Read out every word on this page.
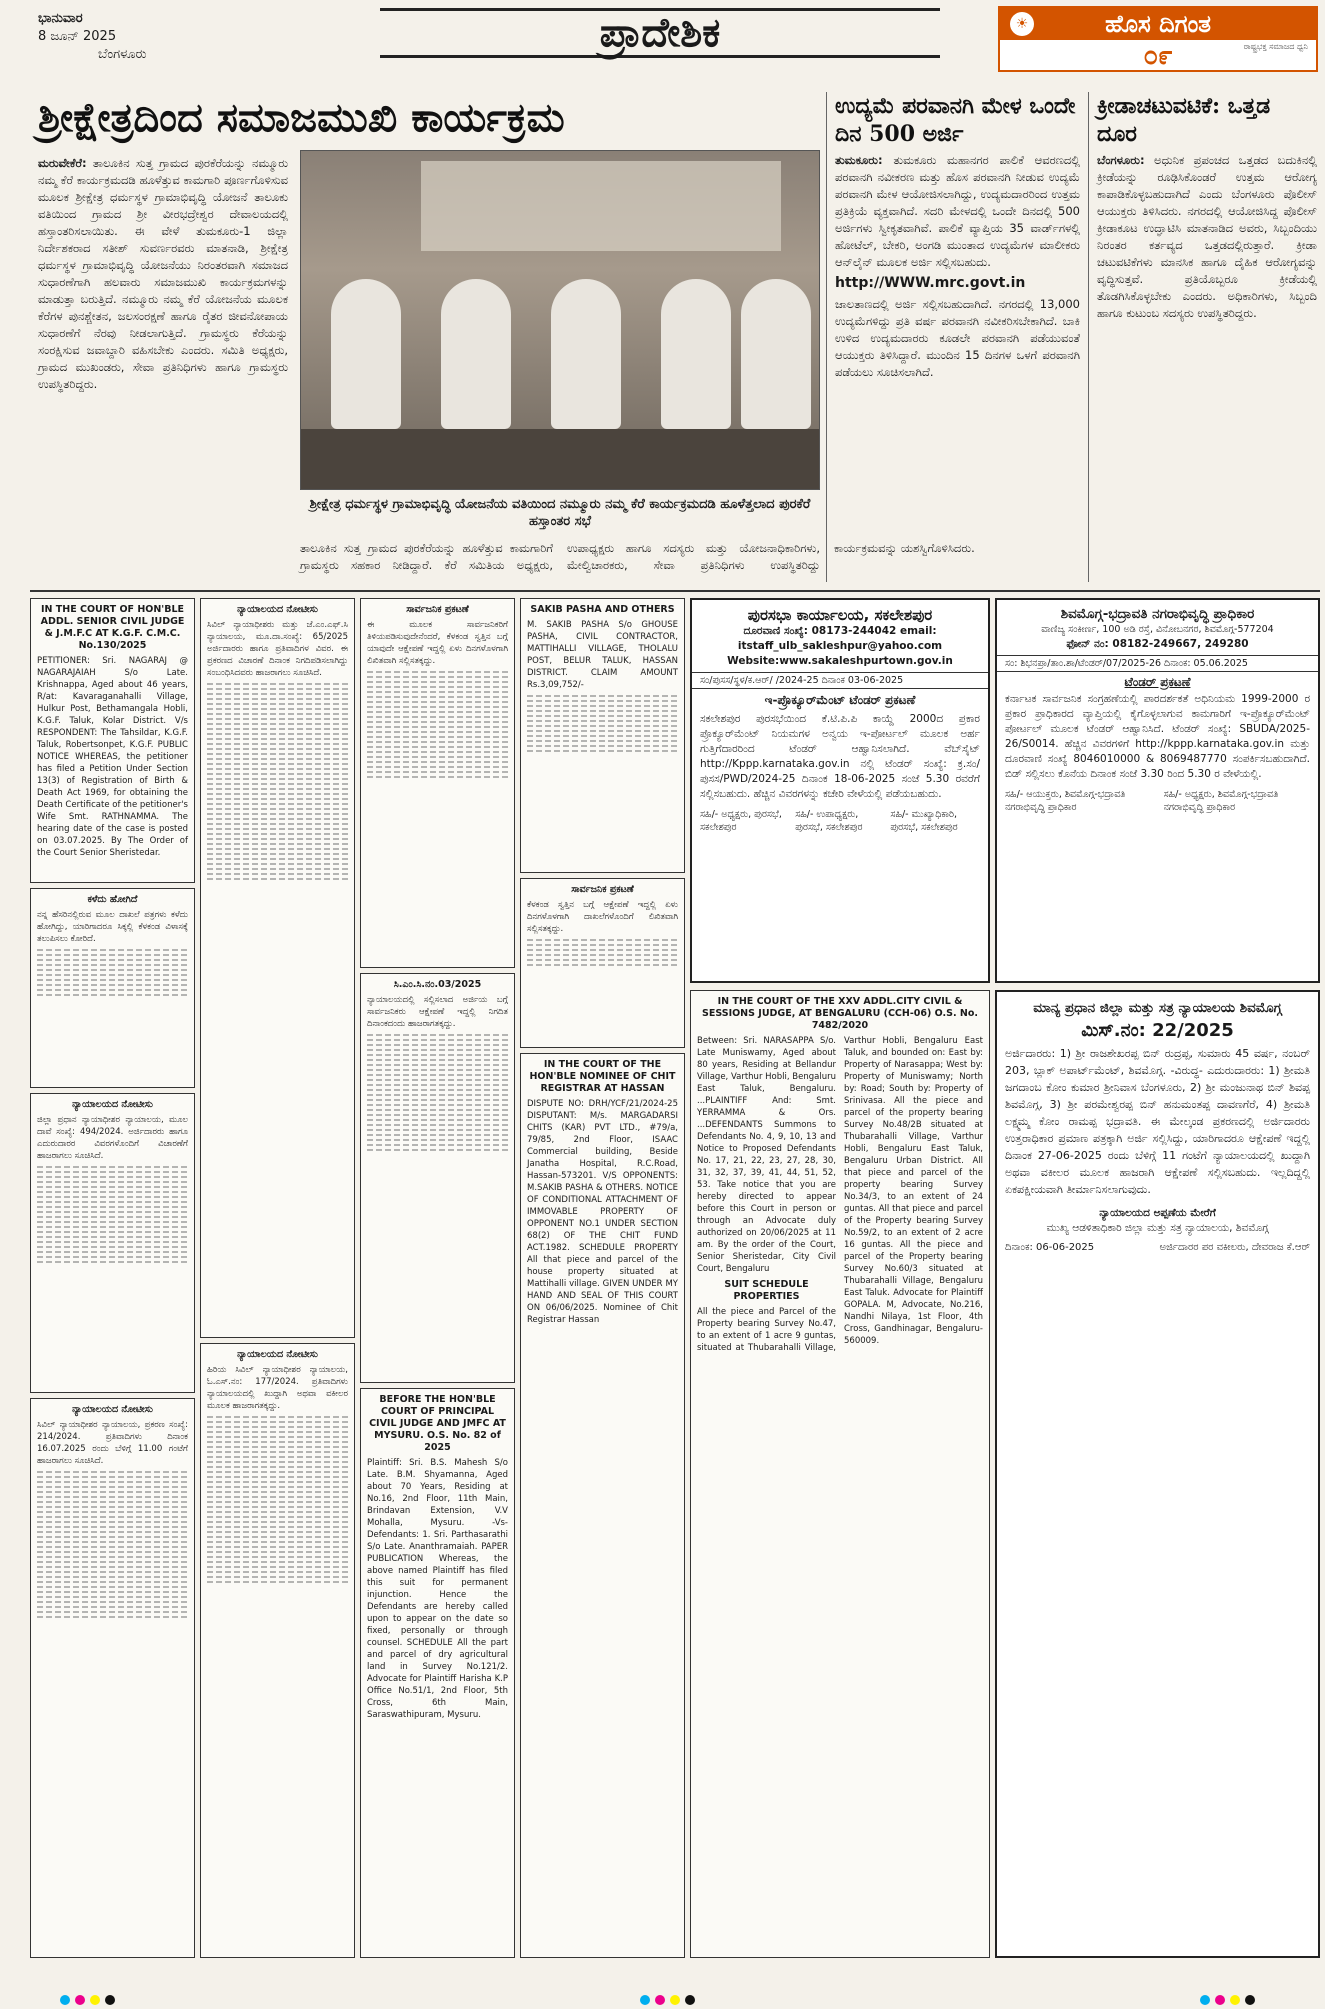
ಭಾನುವಾರ
8 ಜೂನ್ 2025
ಬೆಂಗಳೂರು	ಪ್ರಾದೇಶಿಕ	ಹೊಸ ದಿಗಂತ
☀
೦೯	ರಾಷ್ಟ್ರಭಕ್ತ ಸಮಾಜದ ಧ್ವನಿ
ಶ್ರೀಕ್ಷೇತ್ರದಿಂದ ಸಮಾಜಮುಖಿ ಕಾರ್ಯಕ್ರಮ
ಮರುವೇಕೆರೆ: ತಾಲೂಕಿನ ಸುತ್ತ ಗ್ರಾಮದ ಪುರಕೆರೆಯನ್ನು ನಮ್ಮೂರು ನಮ್ಮ ಕೆರೆ ಕಾರ್ಯಕ್ರಮದಡಿ ಹೂಳೆತ್ತುವ ಕಾಮಗಾರಿ ಪೂರ್ಣಗೊಳಿಸುವ ಮೂಲಕ ಶ್ರೀಕ್ಷೇತ್ರ ಧರ್ಮಸ್ಥಳ ಗ್ರಾಮಾಭಿವೃದ್ಧಿ ಯೋಜನೆ ತಾಲೂಕು ವತಿಯಿಂದ ಗ್ರಾಮದ ಶ್ರೀ ವೀರಭದ್ರೇಶ್ವರ ದೇವಾಲಯದಲ್ಲಿ ಹಸ್ತಾಂತರಿಸಲಾಯಿತು. ಈ ವೇಳೆ ತುಮಕೂರು-1 ಜಿಲ್ಲಾ ನಿರ್ದೇಶಕರಾದ ಸತೀಶ್ ಸುವರ್ಣರವರು ಮಾತನಾಡಿ, ಶ್ರೀಕ್ಷೇತ್ರ ಧರ್ಮಸ್ಥಳ ಗ್ರಾಮಾಭಿವೃದ್ಧಿ ಯೋಜನೆಯು ನಿರಂತರವಾಗಿ ಸಮಾಜದ ಸುಧಾರಣೆಗಾಗಿ ಹಲವಾರು ಸಮಾಜಮುಖಿ ಕಾರ್ಯಕ್ರಮಗಳನ್ನು ಮಾಡುತ್ತಾ ಬರುತ್ತಿದೆ. ನಮ್ಮೂರು ನಮ್ಮ ಕೆರೆ ಯೋಜನೆಯ ಮೂಲಕ ಕೆರೆಗಳ ಪುನಶ್ಚೇತನ, ಜಲಸಂರಕ್ಷಣೆ ಹಾಗೂ ರೈತರ ಜೀವನೋಪಾಯ ಸುಧಾರಣೆಗೆ ನೆರವು ನೀಡಲಾಗುತ್ತಿದೆ. ಗ್ರಾಮಸ್ಥರು ಕೆರೆಯನ್ನು ಸಂರಕ್ಷಿಸುವ ಜವಾಬ್ದಾರಿ ವಹಿಸಬೇಕು ಎಂದರು. ಸಮಿತಿ ಅಧ್ಯಕ್ಷರು, ಗ್ರಾಮದ ಮುಖಂಡರು, ಸೇವಾ ಪ್ರತಿನಿಧಿಗಳು ಹಾಗೂ ಗ್ರಾಮಸ್ಥರು ಉಪಸ್ಥಿತರಿದ್ದರು.
ಶ್ರೀಕ್ಷೇತ್ರ ಧರ್ಮಸ್ಥಳ ಗ್ರಾಮಾಭಿವೃದ್ಧಿ ಯೋಜನೆಯ ವತಿಯಿಂದ ನಮ್ಮೂರು ನಮ್ಮ ಕೆರೆ ಕಾರ್ಯಕ್ರಮದಡಿ ಹೂಳೆತ್ತಲಾದ ಪುರಕೆರೆ ಹಸ್ತಾಂತರ ಸಭೆ
ತಾಲೂಕಿನ ಸುತ್ತ ಗ್ರಾಮದ ಪುರಕೆರೆಯನ್ನು ಹೂಳೆತ್ತುವ ಕಾಮಗಾರಿಗೆ ಗ್ರಾಮಸ್ಥರು ಸಹಕಾರ ನೀಡಿದ್ದಾರೆ. ಕೆರೆ ಸಮಿತಿಯ ಅಧ್ಯಕ್ಷರು, ಉಪಾಧ್ಯಕ್ಷರು ಹಾಗೂ ಸದಸ್ಯರು ಮತ್ತು ಯೋಜನಾಧಿಕಾರಿಗಳು, ಮೇಲ್ವಿಚಾರಕರು, ಸೇವಾ ಪ್ರತಿನಿಧಿಗಳು ಉಪಸ್ಥಿತರಿದ್ದು ಕಾರ್ಯಕ್ರಮವನ್ನು ಯಶಸ್ವಿಗೊಳಿಸಿದರು.
ಉದ್ಯಮೆ ಪರವಾನಗಿ ಮೇಳ ಒಂದೇ ದಿನ 500 ಅರ್ಜಿ
ತುಮಕೂರು: ತುಮಕೂರು ಮಹಾನಗರ ಪಾಲಿಕೆ ಆವರಣದಲ್ಲಿ ಪರವಾನಗಿ ನವೀಕರಣ ಮತ್ತು ಹೊಸ ಪರವಾನಗಿ ನೀಡುವ ಉದ್ಯಮೆ ಪರವಾನಗಿ ಮೇಳ ಆಯೋಜಿಸಲಾಗಿದ್ದು, ಉದ್ಯಮದಾರರಿಂದ ಉತ್ತಮ ಪ್ರತಿಕ್ರಿಯೆ ವ್ಯಕ್ತವಾಗಿದೆ. ಸದರಿ ಮೇಳದಲ್ಲಿ ಒಂದೇ ದಿನದಲ್ಲಿ 500 ಅರ್ಜಿಗಳು ಸ್ವೀಕೃತವಾಗಿವೆ. ಪಾಲಿಕೆ ವ್ಯಾಪ್ತಿಯ 35 ವಾರ್ಡ್‌ಗಳಲ್ಲಿ ಹೋಟೆಲ್, ಬೇಕರಿ, ಅಂಗಡಿ ಮುಂತಾದ ಉದ್ಯಮೆಗಳ ಮಾಲೀಕರು ಆನ್‌ಲೈನ್ ಮೂಲಕ ಅರ್ಜಿ ಸಲ್ಲಿಸಬಹುದು.
http://WWW.mrc.govt.in
ಜಾಲತಾಣದಲ್ಲಿ ಅರ್ಜಿ ಸಲ್ಲಿಸಬಹುದಾಗಿದೆ. ನಗರದಲ್ಲಿ 13,000 ಉದ್ಯಮೆಗಳಿದ್ದು ಪ್ರತಿ ವರ್ಷ ಪರವಾನಗಿ ನವೀಕರಿಸಬೇಕಾಗಿದೆ. ಬಾಕಿ ಉಳಿದ ಉದ್ಯಮದಾರರು ಕೂಡಲೇ ಪರವಾನಗಿ ಪಡೆಯುವಂತೆ ಆಯುಕ್ತರು ತಿಳಿಸಿದ್ದಾರೆ. ಮುಂದಿನ 15 ದಿನಗಳ ಒಳಗೆ ಪರವಾನಗಿ ಪಡೆಯಲು ಸೂಚಿಸಲಾಗಿದೆ.
ಕ್ರೀಡಾಚಟುವಟಿಕೆ: ಒತ್ತಡ ದೂರ
ಬೆಂಗಳೂರು: ಅಧುನಿಕ ಪ್ರಪಂಚದ ಒತ್ತಡದ ಬದುಕಿನಲ್ಲಿ ಕ್ರೀಡೆಯನ್ನು ರೂಢಿಸಿಕೊಂಡರೆ ಉತ್ತಮ ಆರೋಗ್ಯ ಕಾಪಾಡಿಕೊಳ್ಳಬಹುದಾಗಿದೆ ಎಂದು ಬೆಂಗಳೂರು ಪೊಲೀಸ್ ಆಯುಕ್ತರು ತಿಳಿಸಿದರು. ನಗರದಲ್ಲಿ ಆಯೋಜಿಸಿದ್ದ ಪೊಲೀಸ್ ಕ್ರೀಡಾಕೂಟ ಉದ್ಘಾಟಿಸಿ ಮಾತನಾಡಿದ ಅವರು, ಸಿಬ್ಬಂದಿಯು ನಿರಂತರ ಕರ್ತವ್ಯದ ಒತ್ತಡದಲ್ಲಿರುತ್ತಾರೆ. ಕ್ರೀಡಾ ಚಟುವಟಿಕೆಗಳು ಮಾನಸಿಕ ಹಾಗೂ ದೈಹಿಕ ಆರೋಗ್ಯವನ್ನು ವೃದ್ಧಿಸುತ್ತವೆ. ಪ್ರತಿಯೊಬ್ಬರೂ ಕ್ರೀಡೆಯಲ್ಲಿ ತೊಡಗಿಸಿಕೊಳ್ಳಬೇಕು ಎಂದರು. ಅಧಿಕಾರಿಗಳು, ಸಿಬ್ಬಂದಿ ಹಾಗೂ ಕುಟುಂಬ ಸದಸ್ಯರು ಉಪಸ್ಥಿತರಿದ್ದರು.
IN THE COURT OF HON'BLE ADDL. SENIOR CIVIL JUDGE & J.M.F.C AT K.G.F. C.M.C. No.130/2025
PETITIONER: Sri. NAGARAJ @ NAGARAJAIAH S/o Late. Krishnappa, Aged about 46 years, R/at: Kavaraganahalli Village, Hulkur Post, Bethamangala Hobli, K.G.F. Taluk, Kolar District. V/s RESPONDENT: The Tahsildar, K.G.F. Taluk, Robertsonpet, K.G.F. PUBLIC NOTICE WHEREAS, the petitioner has filed a Petition Under Section 13(3) of Registration of Birth & Death Act 1969, for obtaining the Death Certificate of the petitioner's Wife Smt. RATHNAMMA. The hearing date of the case is posted on 03.07.2025. By The Order of the Court Senior Sheristedar.
ಕಳೆದು ಹೋಗಿದೆ
ನನ್ನ ಹೆಸರಿನಲ್ಲಿರುವ ಮೂಲ ದಾಖಲೆ ಪತ್ರಗಳು ಕಳೆದು ಹೋಗಿದ್ದು, ಯಾರಿಗಾದರೂ ಸಿಕ್ಕಲ್ಲಿ ಕೆಳಕಂಡ ವಿಳಾಸಕ್ಕೆ ತಲುಪಿಸಲು ಕೋರಿದೆ.
ನ್ಯಾಯಾಲಯದ ನೋಟೀಸು
ಜಿಲ್ಲಾ ಪ್ರಧಾನ ನ್ಯಾಯಾಧೀಶರ ನ್ಯಾಯಾಲಯ, ಮೂಲ ದಾವೆ ಸಂಖ್ಯೆ: 494/2024. ಅರ್ಜಿದಾರರು ಹಾಗೂ ಎದುರುದಾರರ ವಿವರಗಳೊಂದಿಗೆ ವಿಚಾರಣೆಗೆ ಹಾಜರಾಗಲು ಸೂಚಿಸಿದೆ.
ನ್ಯಾಯಾಲಯದ ನೋಟೀಸು
ಸಿವಿಲ್ ನ್ಯಾಯಾಧೀಶರ ನ್ಯಾಯಾಲಯ, ಪ್ರಕರಣ ಸಂಖ್ಯೆ: 214/2024. ಪ್ರತಿವಾದಿಗಳು ದಿನಾಂಕ 16.07.2025 ರಂದು ಬೆಳಿಗ್ಗೆ 11.00 ಗಂಟೆಗೆ ಹಾಜರಾಗಲು ಸೂಚಿಸಿದೆ.
ನ್ಯಾಯಾಲಯದ ನೋಟೀಸು
ಸಿವಿಲ್ ನ್ಯಾಯಾಧೀಶರು ಮತ್ತು ಜೆ.ಎಂ.ಎಫ್.ಸಿ ನ್ಯಾಯಾಲಯ, ಮೂ.ದಾ.ಸಂಖ್ಯೆ: 65/2025 ಅರ್ಜಿದಾರರು ಹಾಗೂ ಪ್ರತಿವಾದಿಗಳ ವಿವರ. ಈ ಪ್ರಕರಣದ ವಿಚಾರಣೆ ದಿನಾಂಕ ನಿಗದಿಪಡಿಸಲಾಗಿದ್ದು ಸಂಬಂಧಿಸಿದವರು ಹಾಜರಾಗಲು ಸೂಚಿಸಿದೆ.
ನ್ಯಾಯಾಲಯದ ನೋಟೀಸು
ಹಿರಿಯ ಸಿವಿಲ್ ನ್ಯಾಯಾಧೀಶರ ನ್ಯಾಯಾಲಯ, ಓ.ಎಸ್.ನಂ: 177/2024. ಪ್ರತಿವಾದಿಗಳು ನ್ಯಾಯಾಲಯದಲ್ಲಿ ಖುದ್ದಾಗಿ ಅಥವಾ ವಕೀಲರ ಮೂಲಕ ಹಾಜರಾಗತಕ್ಕದ್ದು.
ಸಾರ್ವಜನಿಕ ಪ್ರಕಟಣೆ
ಈ ಮೂಲಕ ಸಾರ್ವಜನಿಕರಿಗೆ ತಿಳಿಯಪಡಿಸುವುದೇನೆಂದರೆ, ಕೆಳಕಂಡ ಸ್ವತ್ತಿನ ಬಗ್ಗೆ ಯಾವುದೇ ಆಕ್ಷೇಪಣೆ ಇದ್ದಲ್ಲಿ ಏಳು ದಿನಗಳೊಳಗಾಗಿ ಲಿಖಿತವಾಗಿ ಸಲ್ಲಿಸತಕ್ಕದ್ದು.
ಸಿ.ಎಂ.ಸಿ.ನಂ.03/2025
ನ್ಯಾಯಾಲಯದಲ್ಲಿ ಸಲ್ಲಿಸಲಾದ ಅರ್ಜಿಯ ಬಗ್ಗೆ ಸಾರ್ವಜನಿಕರು ಆಕ್ಷೇಪಣೆ ಇದ್ದಲ್ಲಿ ನಿಗದಿತ ದಿನಾಂಕದಂದು ಹಾಜರಾಗತಕ್ಕದ್ದು.
BEFORE THE HON'BLE COURT OF PRINCIPAL CIVIL JUDGE AND JMFC AT MYSURU. O.S. No. 82 of 2025
Plaintiff: Sri. B.S. Mahesh S/o Late. B.M. Shyamanna, Aged about 70 Years, Residing at No.16, 2nd Floor, 11th Main, Brindavan Extension, V.V Mohalla, Mysuru. -Vs- Defendants: 1. Sri. Parthasarathi S/o Late. Ananthramaiah. PAPER PUBLICATION Whereas, the above named Plaintiff has filed this suit for permanent injunction. Hence the Defendants are hereby called upon to appear on the date so fixed, personally or through counsel. SCHEDULE All the part and parcel of dry agricultural land in Survey No.121/2. Advocate for Plaintiff Harisha K.P Office No.51/1, 2nd Floor, 5th Cross, 6th Main, Saraswathipuram, Mysuru.
SAKIB PASHA AND OTHERS
M. SAKIB PASHA S/o GHOUSE PASHA, CIVIL CONTRACTOR, MATTIHALLI VILLAGE, THOLALU POST, BELUR TALUK, HASSAN DISTRICT. CLAIM AMOUNT Rs.3,09,752/-
ಸಾರ್ವಜನಿಕ ಪ್ರಕಟಣೆ
ಕೆಳಕಂಡ ಸ್ವತ್ತಿನ ಬಗ್ಗೆ ಆಕ್ಷೇಪಣೆ ಇದ್ದಲ್ಲಿ ಏಳು ದಿನಗಳೊಳಗಾಗಿ ದಾಖಲೆಗಳೊಂದಿಗೆ ಲಿಖಿತವಾಗಿ ಸಲ್ಲಿಸತಕ್ಕದ್ದು.
IN THE COURT OF THE HON'BLE NOMINEE OF CHIT REGISTRAR AT HASSAN
DISPUTE NO: DRH/YCF/21/2024-25 DISPUTANT: M/s. MARGADARSI CHITS (KAR) PVT LTD., #79/a, 79/85, 2nd Floor, ISAAC Commercial building, Beside Janatha Hospital, R.C.Road, Hassan-573201. V/S OPPONENTS: M.SAKIB PASHA & OTHERS. NOTICE OF CONDITIONAL ATTACHMENT OF IMMOVABLE PROPERTY OF OPPONENT NO.1 UNDER SECTION 68(2) OF THE CHIT FUND ACT.1982. SCHEDULE PROPERTY All that piece and parcel of the house property situated at Mattihalli village. GIVEN UNDER MY HAND AND SEAL OF THIS COURT ON 06/06/2025. Nominee of Chit Registrar Hassan
ಪುರಸಭಾ ಕಾರ್ಯಾಲಯ, ಸಕಲೇಶಪುರ
ದೂರವಾಣಿ ಸಂಖ್ಯೆ: 08173-244042 email:
itstaff_ulb_sakleshpur@yahoo.com
Website:www.sakaleshpurtown.gov.in
ಸಂ/ಪುಸಸ/ಸ್ಥಳ/ಕ.ಆರ್/ /2024-25 ದಿನಾಂಕ 03-06-2025
ಇ-ಪ್ರೊಕ್ಯೂರ್‌ಮೆಂಟ್ ಟೆಂಡರ್ ಪ್ರಕಟಣೆ
ಸಕಲೇಶಪುರ ಪುರಸಭೆಯಿಂದ ಕೆ.ಟಿ.ಪಿ.ಪಿ ಕಾಯ್ದೆ 2000ದ ಪ್ರಕಾರ ಪ್ರೊಕ್ಯೂರ್‌ಮೆಂಟ್ ನಿಯಮಗಳ ಅನ್ವಯ ಇ-ಪೋರ್ಟಲ್ ಮೂಲಕ ಅರ್ಹ ಗುತ್ತಿಗೆದಾರರಿಂದ ಟೆಂಡರ್ ಆಹ್ವಾನಿಸಲಾಗಿದೆ. ವೆಬ್‌ಸೈಟ್ http://Kppp.karnataka.gov.in ನಲ್ಲಿ ಟೆಂಡರ್ ಸಂಖ್ಯೆ: ಕ್ರ.ಸಂ/ಪುಸಸ/PWD/2024-25 ದಿನಾಂಕ 18-06-2025 ಸಂಜೆ 5.30 ರವರೆಗೆ ಸಲ್ಲಿಸಬಹುದು. ಹೆಚ್ಚಿನ ವಿವರಗಳನ್ನು ಕಚೇರಿ ವೇಳೆಯಲ್ಲಿ ಪಡೆಯಬಹುದು.
ಸಹಿ/- ಅಧ್ಯಕ್ಷರು, ಪುರಸಭೆ, ಸಕಲೇಶಪುರ
ಸಹಿ/- ಉಪಾಧ್ಯಕ್ಷರು, ಪುರಸಭೆ, ಸಕಲೇಶಪುರ
ಸಹಿ/- ಮುಖ್ಯಾಧಿಕಾರಿ, ಪುರಸಭೆ, ಸಕಲೇಶಪುರ
ಶಿವಮೊಗ್ಗ-ಭದ್ರಾವತಿ ನಗರಾಭಿವೃದ್ಧಿ ಪ್ರಾಧಿಕಾರ
ವಾಣಿಜ್ಯ ಸಂಕೀರ್ಣ, 100 ಅಡಿ ರಸ್ತೆ, ವಿನೋಬನಗರ, ಶಿವಮೊಗ್ಗ-577204
ಫೋನ್ ನಂ: 08182-249667, 249280
ಸಂ: ಶಿಭನಪ್ರಾ/ತಾಂ.ಶಾ/ಟೆಂಡರ್/07/2025-26 ದಿನಾಂಕ: 05.06.2025
ಟೆಂಡರ್ ಪ್ರಕಟಣೆ
ಕರ್ನಾಟಕ ಸಾರ್ವಜನಿಕ ಸಂಗ್ರಹಣೆಯಲ್ಲಿ ಪಾರದರ್ಶಕತೆ ಅಧಿನಿಯಮ 1999-2000 ರ ಪ್ರಕಾರ ಪ್ರಾಧಿಕಾರದ ವ್ಯಾಪ್ತಿಯಲ್ಲಿ ಕೈಗೊಳ್ಳಲಾಗುವ ಕಾಮಗಾರಿಗೆ ಇ-ಪ್ರೊಕ್ಯೂರ್‌ಮೆಂಟ್ ಪೋರ್ಟಲ್ ಮೂಲಕ ಟೆಂಡರ್ ಆಹ್ವಾನಿಸಿದೆ. ಟೆಂಡರ್ ಸಂಖ್ಯೆ: SBUDA/2025-26/S0014. ಹೆಚ್ಚಿನ ವಿವರಗಳಿಗೆ http://kppp.karnataka.gov.in ಮತ್ತು ದೂರವಾಣಿ ಸಂಖ್ಯೆ 8046010000 & 8069487770 ಸಂಪರ್ಕಿಸಬಹುದಾಗಿದೆ. ಬಿಡ್ ಸಲ್ಲಿಸಲು ಕೊನೆಯ ದಿನಾಂಕ ಸಂಜೆ 3.30 ರಿಂದ 5.30 ರ ವೇಳೆಯಲ್ಲಿ.
ಸಹಿ/- ಆಯುಕ್ತರು, ಶಿವಮೊಗ್ಗ-ಭದ್ರಾವತಿ ನಗರಾಭಿವೃದ್ಧಿ ಪ್ರಾಧಿಕಾರ
ಸಹಿ/- ಅಧ್ಯಕ್ಷರು, ಶಿವಮೊಗ್ಗ-ಭದ್ರಾವತಿ ನಗರಾಭಿವೃದ್ಧಿ ಪ್ರಾಧಿಕಾರ
IN THE COURT OF THE XXV ADDL.CITY CIVIL & SESSIONS JUDGE, AT BENGALURU (CCH-06) O.S. No. 7482/2020
Between: Sri. NARASAPPA S/o. Late Muniswamy, Aged about 80 years, Residing at Bellandur Village, Varthur Hobli, Bengaluru East Taluk, Bengaluru. ...PLAINTIFF And: Smt. YERRAMMA & Ors. ...DEFENDANTS Summons to Defendants No. 4, 9, 10, 13 and Notice to Proposed Defendants No. 17, 21, 22, 23, 27, 28, 30, 31, 32, 37, 39, 41, 44, 51, 52, 53. Take notice that you are hereby directed to appear before this Court in person or through an Advocate duly authorized on 20/06/2025 at 11 am. By the order of the Court, Senior Sheristedar, City Civil Court, Bengaluru
SUIT SCHEDULE PROPERTIES
All the piece and Parcel of the Property bearing Survey No.47, to an extent of 1 acre 9 guntas, situated at Thubarahalli Village, Varthur Hobli, Bengaluru East Taluk, and bounded on: East by: Property of Narasappa; West by: Property of Muniswamy; North by: Road; South by: Property of Srinivasa. All the piece and parcel of the property bearing Survey No.48/2B situated at Thubarahalli Village, Varthur Hobli, Bengaluru East Taluk, Bengaluru Urban District. All that piece and parcel of the property bearing Survey No.34/3, to an extent of 24 guntas. All that piece and parcel of the Property bearing Survey No.59/2, to an extent of 2 acre 16 guntas. All the piece and parcel of the Property bearing Survey No.60/3 situated at Thubarahalli Village, Bengaluru East Taluk. Advocate for Plaintiff GOPALA. M, Advocate, No.216, Nandhi Nilaya, 1st Floor, 4th Cross, Gandhinagar, Bengaluru-560009.
ಮಾನ್ಯ ಪ್ರಧಾನ ಜಿಲ್ಲಾ ಮತ್ತು ಸತ್ರ ನ್ಯಾಯಾಲಯ ಶಿವಮೊಗ್ಗ
ಮಿಸ್.ನಂ: 22/2025
ಅರ್ಜಿದಾರರು: 1) ಶ್ರೀ ರಾಜಶೇಖರಪ್ಪ ಬಿನ್ ರುದ್ರಪ್ಪ, ಸುಮಾರು 45 ವರ್ಷ, ನಂಬರ್ 203, ಬ್ಲಾಕ್ ಅಪಾರ್ಟ್‌ಮೆಂಟ್, ಶಿವಮೊಗ್ಗ. -ವಿರುದ್ಧ- ಎದುರುದಾರರು: 1) ಶ್ರೀಮತಿ ಜಗದಾಂಬ ಕೋಂ ಕುಮಾರ ಶ್ರೀನಿವಾಸ ಬೆಂಗಳೂರು, 2) ಶ್ರೀ ಮಂಜುನಾಥ ಬಿನ್ ಶಿವಪ್ಪ ಶಿವಮೊಗ್ಗ, 3) ಶ್ರೀ ಪರಮೇಶ್ವರಪ್ಪ ಬಿನ್ ಹನುಮಂತಪ್ಪ ದಾವಣಗೆರೆ, 4) ಶ್ರೀಮತಿ ಲಕ್ಷ್ಮಮ್ಮ ಕೋಂ ರಾಮಪ್ಪ ಭದ್ರಾವತಿ. ಈ ಮೇಲ್ಕಂಡ ಪ್ರಕರಣದಲ್ಲಿ ಅರ್ಜಿದಾರರು ಉತ್ತರಾಧಿಕಾರ ಪ್ರಮಾಣ ಪತ್ರಕ್ಕಾಗಿ ಅರ್ಜಿ ಸಲ್ಲಿಸಿದ್ದು, ಯಾರಿಗಾದರೂ ಆಕ್ಷೇಪಣೆ ಇದ್ದಲ್ಲಿ ದಿನಾಂಕ 27-06-2025 ರಂದು ಬೆಳಿಗ್ಗೆ 11 ಗಂಟೆಗೆ ನ್ಯಾಯಾಲಯದಲ್ಲಿ ಖುದ್ದಾಗಿ ಅಥವಾ ವಕೀಲರ ಮೂಲಕ ಹಾಜರಾಗಿ ಆಕ್ಷೇಪಣೆ ಸಲ್ಲಿಸಬಹುದು. ಇಲ್ಲದಿದ್ದಲ್ಲಿ ಏಕಪಕ್ಷೀಯವಾಗಿ ತೀರ್ಮಾನಿಸಲಾಗುವುದು.
ನ್ಯಾಯಾಲಯದ ಅಪ್ಪಣೆಯ ಮೇರೆಗೆ
ಮುಖ್ಯ ಆಡಳಿತಾಧಿಕಾರಿ ಜಿಲ್ಲಾ ಮತ್ತು ಸತ್ರ ನ್ಯಾಯಾಲಯ, ಶಿವಮೊಗ್ಗ
ದಿನಾಂಕ: 06-06-2025	ಅರ್ಜಿದಾರರ ಪರ ವಕೀಲರು, ದೇವರಾಜ ಕೆ.ಆರ್
